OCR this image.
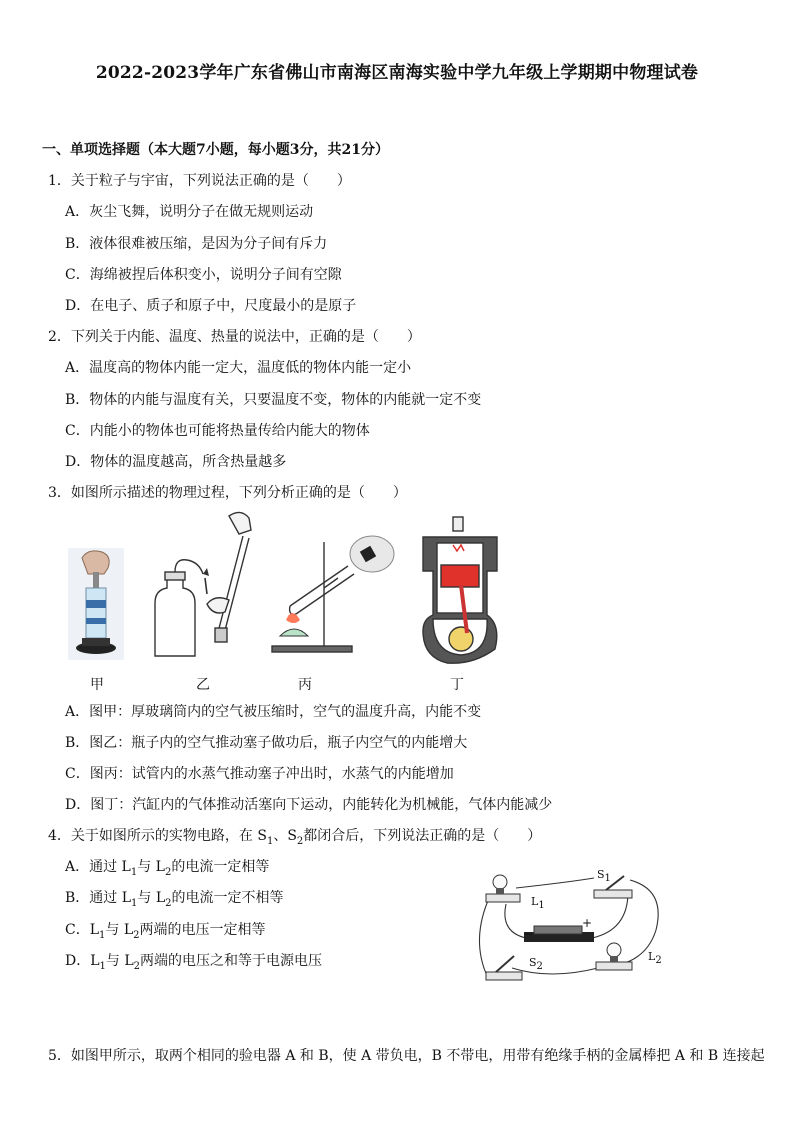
2022-2023学年广东省佛山市南海区南海实验中学九年级上学期期中物理试卷
一、单项选择题（本大题7小题，每小题3分，共21分）
1．关于粒子与宇宙，下列说法正确的是（　　）
A．灰尘飞舞，说明分子在做无规则运动
B．液体很难被压缩，是因为分子间有斥力
C．海绵被捏后体积变小，说明分子间有空隙
D．在电子、质子和原子中，尺度最小的是原子
2．下列关于内能、温度、热量的说法中，正确的是（　　）
A．温度高的物体内能一定大，温度低的物体内能一定小
B．物体的内能与温度有关，只要温度不变，物体的内能就一定不变
C．内能小的物体也可能将热量传给内能大的物体
D．物体的温度越高，所含热量越多
3．如图所示描述的物理过程，下列分析正确的是（　　）
甲	乙	丙	丁
A．图甲：厚玻璃筒内的空气被压缩时，空气的温度升高，内能不变
B．图乙：瓶子内的空气推动塞子做功后，瓶子内空气的内能增大
C．图丙：试管内的水蒸气推动塞子冲出时，水蒸气的内能增加
D．图丁：汽缸内的气体推动活塞向下运动，内能转化为机械能，气体内能减少
4．关于如图所示的实物电路，在 $S_1$、$S_2$都闭合后，下列说法正确的是（　　）
A．通过 $L_1$与 $L_2$的电流一定相等
B．通过 $L_1$与 $L_2$的电流一定不相等
C．$L_1$与 $L_2$两端的电压一定相等
D．$L_1$与 $L_2$两端的电压之和等于电源电压
$L_1$
$S_1$
$S_2$
$L_2$
−
+
5．如图甲所示，取两个相同的验电器 A 和 B，使 A 带负电，B 不带电，用带有绝缘手柄的金属棒把 A 和 B 连接起
